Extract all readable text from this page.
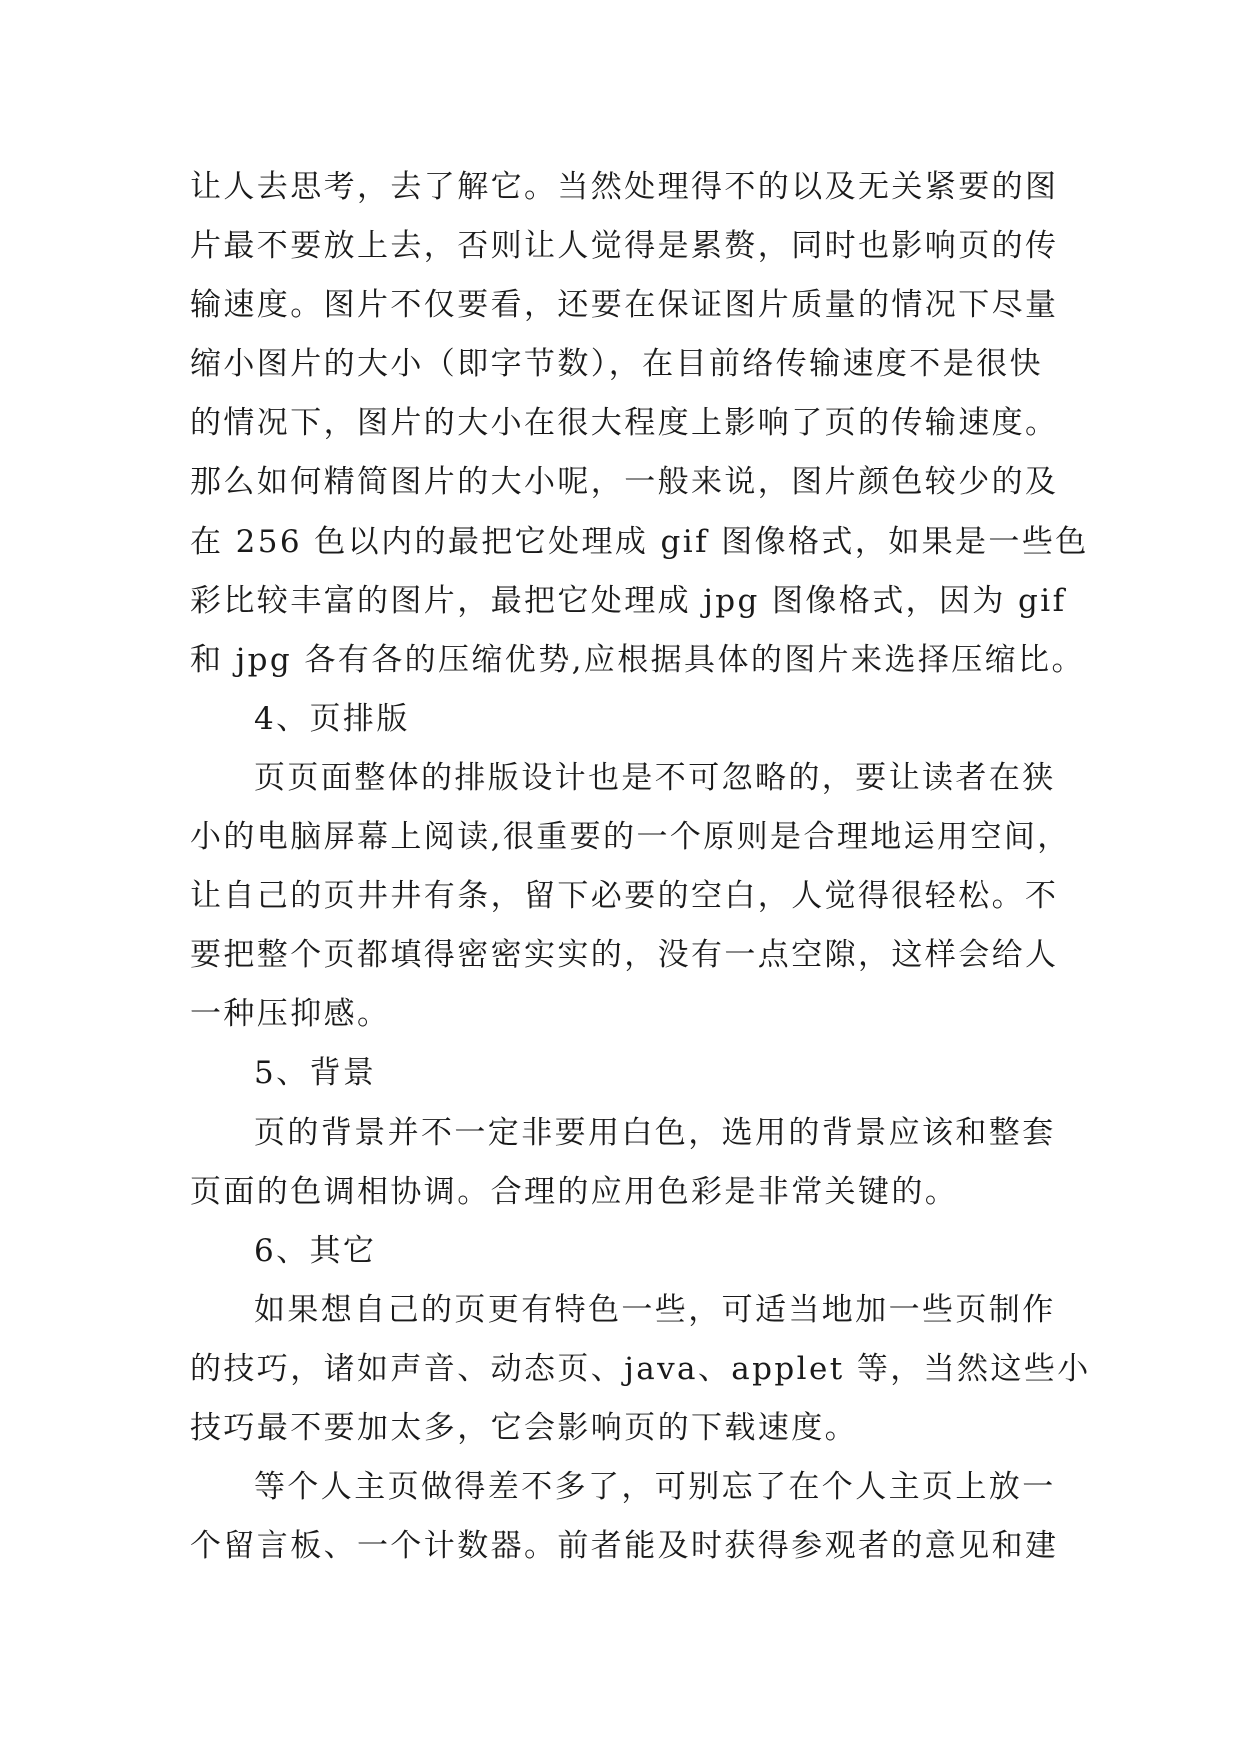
让人去思考，去了解它。当然处理得不的以及无关紧要的图
片最不要放上去，否则让人觉得是累赘，同时也影响页的传
输速度。图片不仅要看，还要在保证图片质量的情况下尽量
缩小图片的大小（即字节数），在目前络传输速度不是很快
的情况下，图片的大小在很大程度上影响了页的传输速度。
那么如何精简图片的大小呢，一般来说，图片颜色较少的及
在 256 色以内的最把它处理成 gif 图像格式，如果是一些色
彩比较丰富的图片，最把它处理成 jpg 图像格式，因为 gif
和 jpg 各有各的压缩优势,应根据具体的图片来选择压缩比。
4、页排版
页页面整体的排版设计也是不可忽略的，要让读者在狭
小的电脑屏幕上阅读,很重要的一个原则是合理地运用空间，
让自己的页井井有条，留下必要的空白，人觉得很轻松。不
要把整个页都填得密密实实的，没有一点空隙，这样会给人
一种压抑感。
5、背景
页的背景并不一定非要用白色，选用的背景应该和整套
页面的色调相协调。合理的应用色彩是非常关键的。
6、其它
如果想自己的页更有特色一些，可适当地加一些页制作
的技巧，诸如声音、动态页、java、applet 等，当然这些小
技巧最不要加太多，它会影响页的下载速度。
等个人主页做得差不多了，可别忘了在个人主页上放一
个留言板、一个计数器。前者能及时获得参观者的意见和建
